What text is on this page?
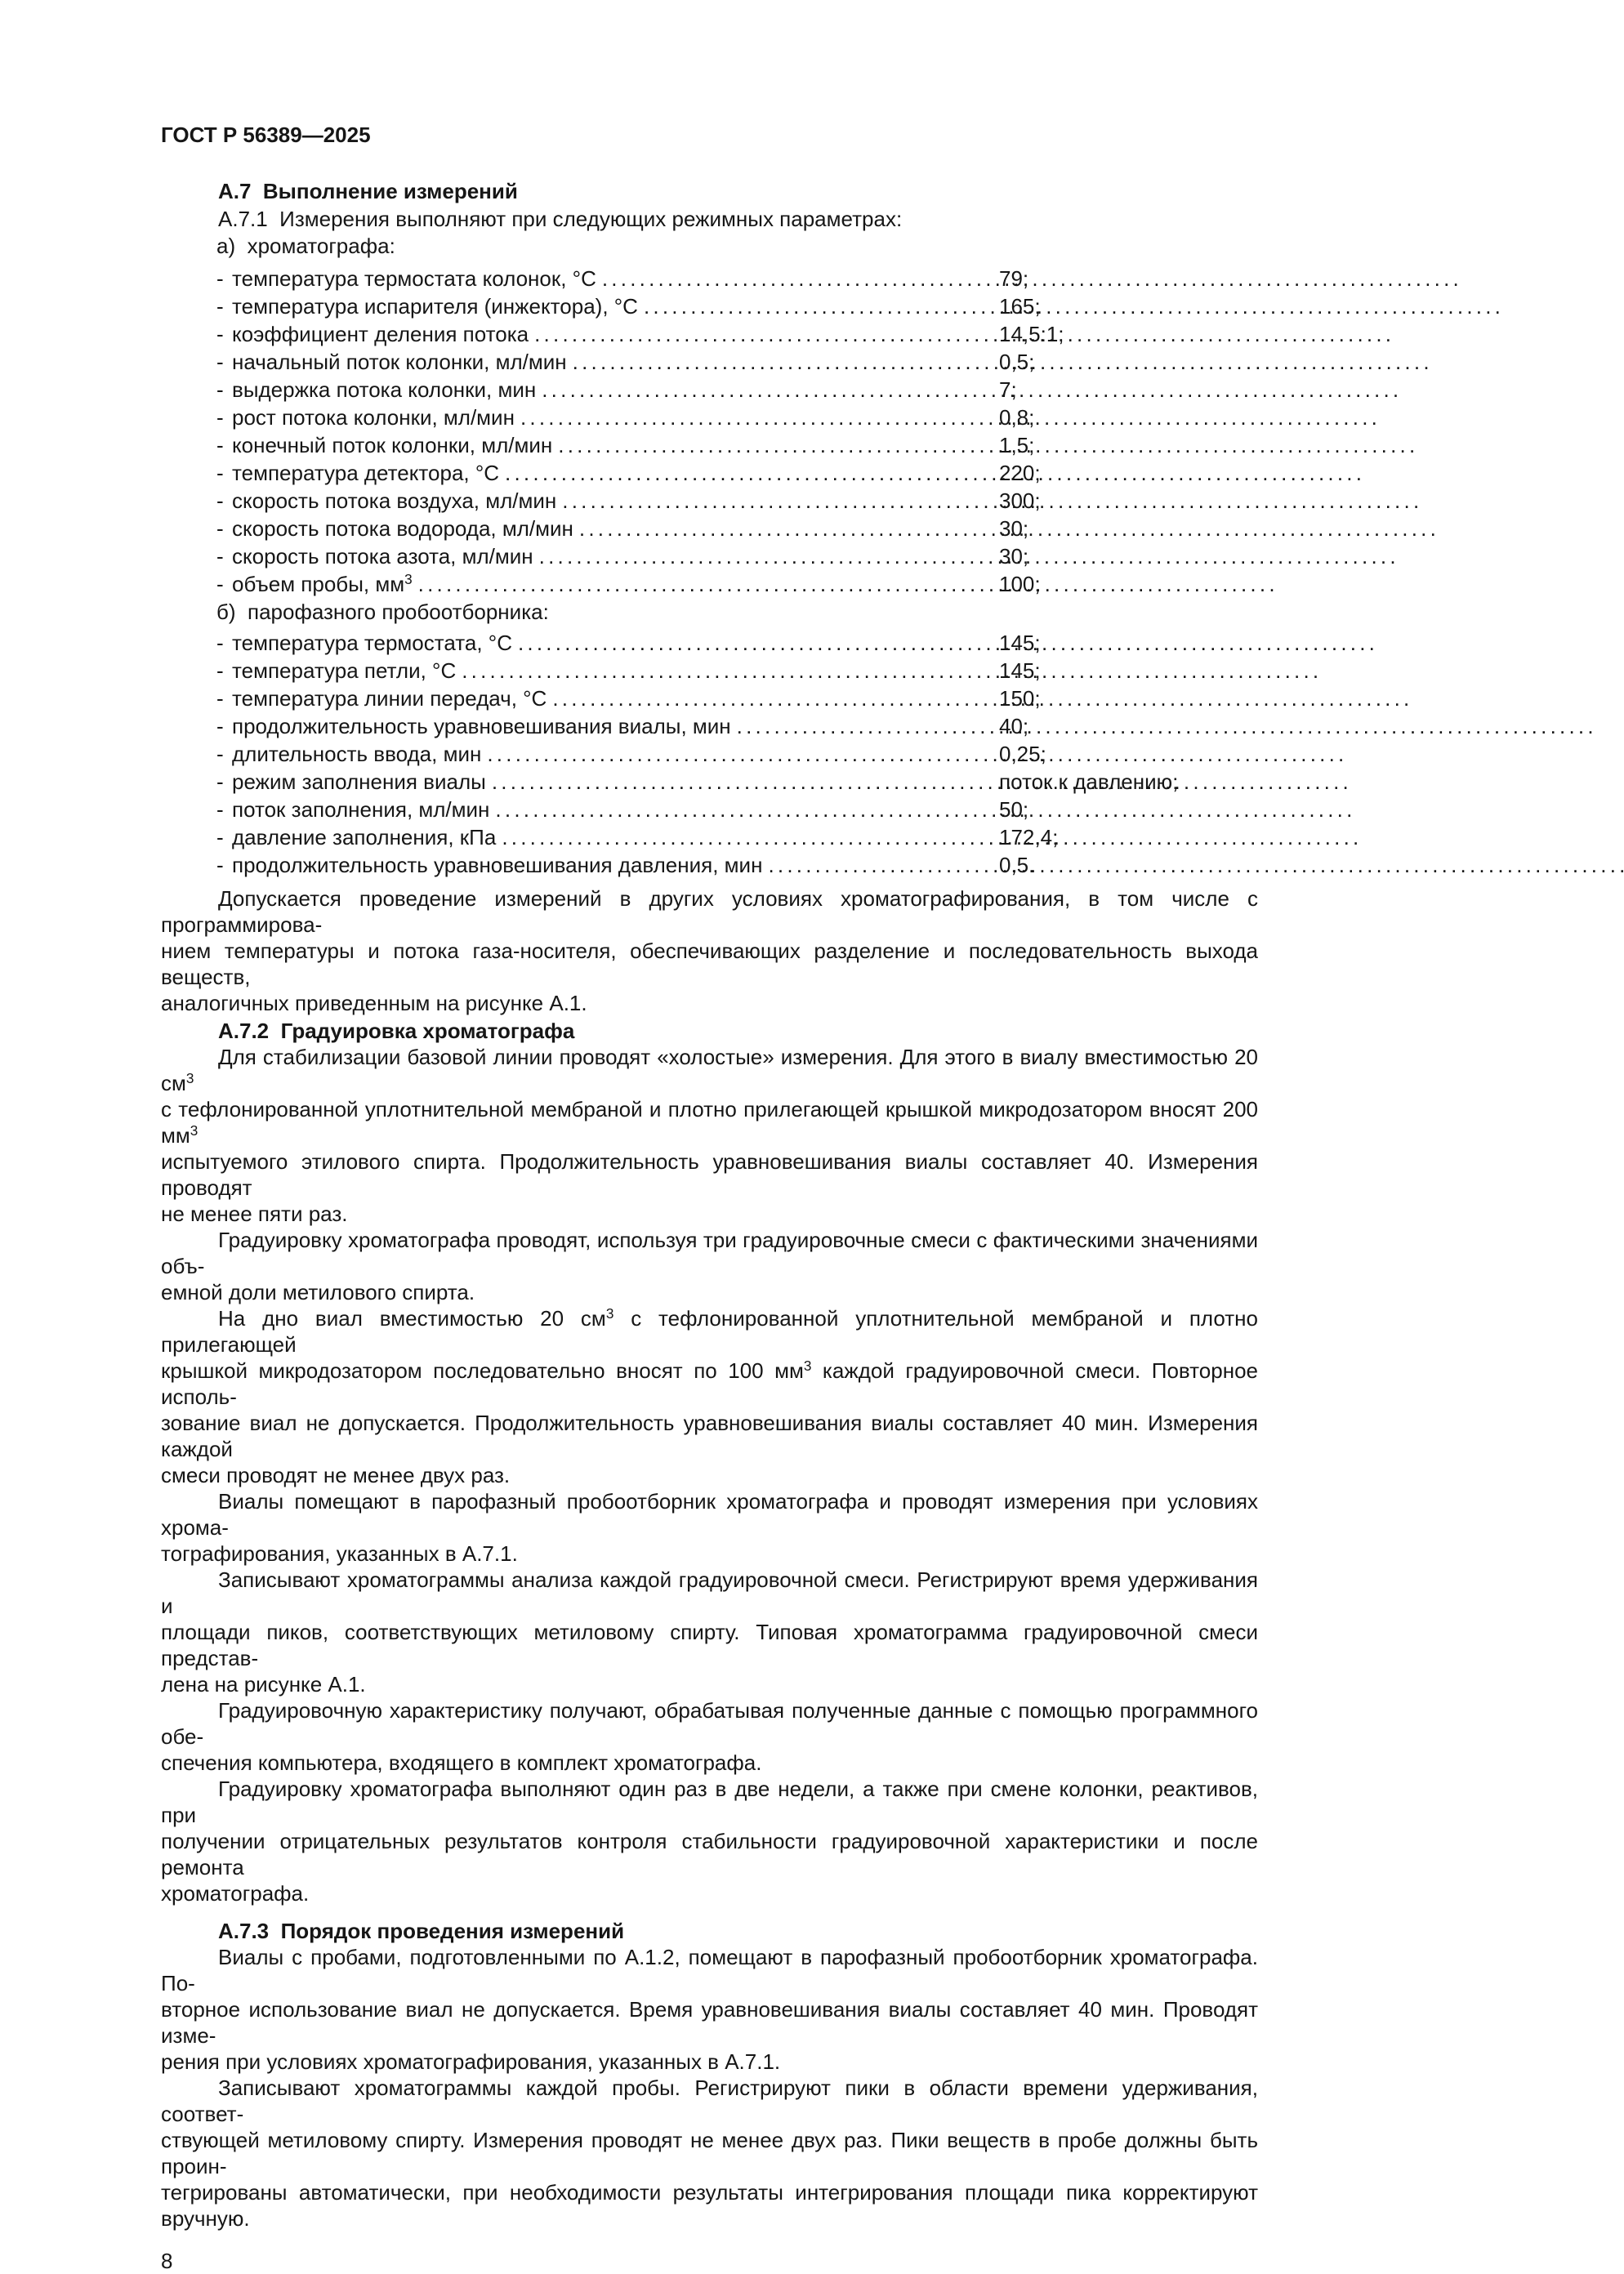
ГОСТ Р 56389—2025
А.7  Выполнение измерений
А.7.1  Измерения выполняют при следующих режимных параметрах:
а)  хроматографа:
- температура термостата колонок, °С . . .	79;
- температура испарителя (инжектора), °С . . .	165;
- коэффициент деления потока . . .	14,5:1;
- начальный поток колонки, мл/мин . . .	0,5;
- выдержка потока колонки, мин . . .	7;
- рост потока колонки, мл/мин . . .	0,8;
- конечный поток колонки, мл/мин . . .	1,5;
- температура детектора, °С . . .	220;
- скорость потока воздуха, мл/мин . . .	300;
- скорость потока водорода, мл/мин . . .	30;
- скорость потока азота, мл/мин . . .	30;
- объем пробы, $мм^3$ . . .	100;
б)  парофазного пробоотборника:
- температура термостата, °С . . .	145;
- температура петли, °С . . .	145;
- температура линии передач, °С . . .	150;
- продолжительность уравновешивания виалы, мин . . .	40;
- длительность ввода, мин . . .	0,25;
- режим заполнения виалы . . .	поток к давлению;
- поток заполнения, мл/мин . . .	50;
- давление заполнения, кПа . . .	172,4;
- продолжительность уравновешивания давления, мин . . .	0,5.
Допускается проведение измерений в других условиях хроматографирования, в том числе с программирова-
нием температуры и потока газа-носителя, обеспечивающих разделение и последовательность выхода веществ,
аналогичных приведенным на рисунке А.1.
А.7.2  Градуировка хроматографа
Для стабилизации базовой линии проводят «холостые» измерения. Для этого в виалу вместимостью 20 $см^3$
с тефлонированной уплотнительной мембраной и плотно прилегающей крышкой микродозатором вносят 200 $мм^3$
испытуемого этилового спирта. Продолжительность уравновешивания виалы составляет 40. Измерения проводят
не менее пяти раз.
Градуировку хроматографа проводят, используя три градуировочные смеси с фактическими значениями объ-
емной доли метилового спирта.
На дно виал вместимостью 20 $см^3$ с тефлонированной уплотнительной мембраной и плотно прилегающей
крышкой микродозатором последовательно вносят по 100 $мм^3$ каждой градуировочной смеси. Повторное исполь-
зование виал не допускается. Продолжительность уравновешивания виалы составляет 40 мин. Измерения каждой
смеси проводят не менее двух раз.
Виалы помещают в парофазный пробоотборник хроматографа и проводят измерения при условиях хрома-
тографирования, указанных в А.7.1.
Записывают хроматограммы анализа каждой градуировочной смеси. Регистрируют время удерживания и
площади пиков, соответствующих метиловому спирту. Типовая хроматограмма градуировочной смеси представ-
лена на рисунке А.1.
Градуировочную характеристику получают, обрабатывая полученные данные с помощью программного обе-
спечения компьютера, входящего в комплект хроматографа.
Градуировку хроматографа выполняют один раз в две недели, а также при смене колонки, реактивов, при
получении отрицательных результатов контроля стабильности градуировочной характеристики и после ремонта
хроматографа.
А.7.3  Порядок проведения измерений
Виалы с пробами, подготовленными по А.1.2, помещают в парофазный пробоотборник хроматографа. По-
вторное использование виал не допускается. Время уравновешивания виалы составляет 40 мин. Проводят изме-
рения при условиях хроматографирования, указанных в А.7.1.
Записывают хроматограммы каждой пробы. Регистрируют пики в области времени удерживания, соответ-
ствующей метиловому спирту. Измерения проводят не менее двух раз. Пики веществ в пробе должны быть проин-
тегрированы автоматически, при необходимости результаты интегрирования площади пика корректируют вручную.
8
